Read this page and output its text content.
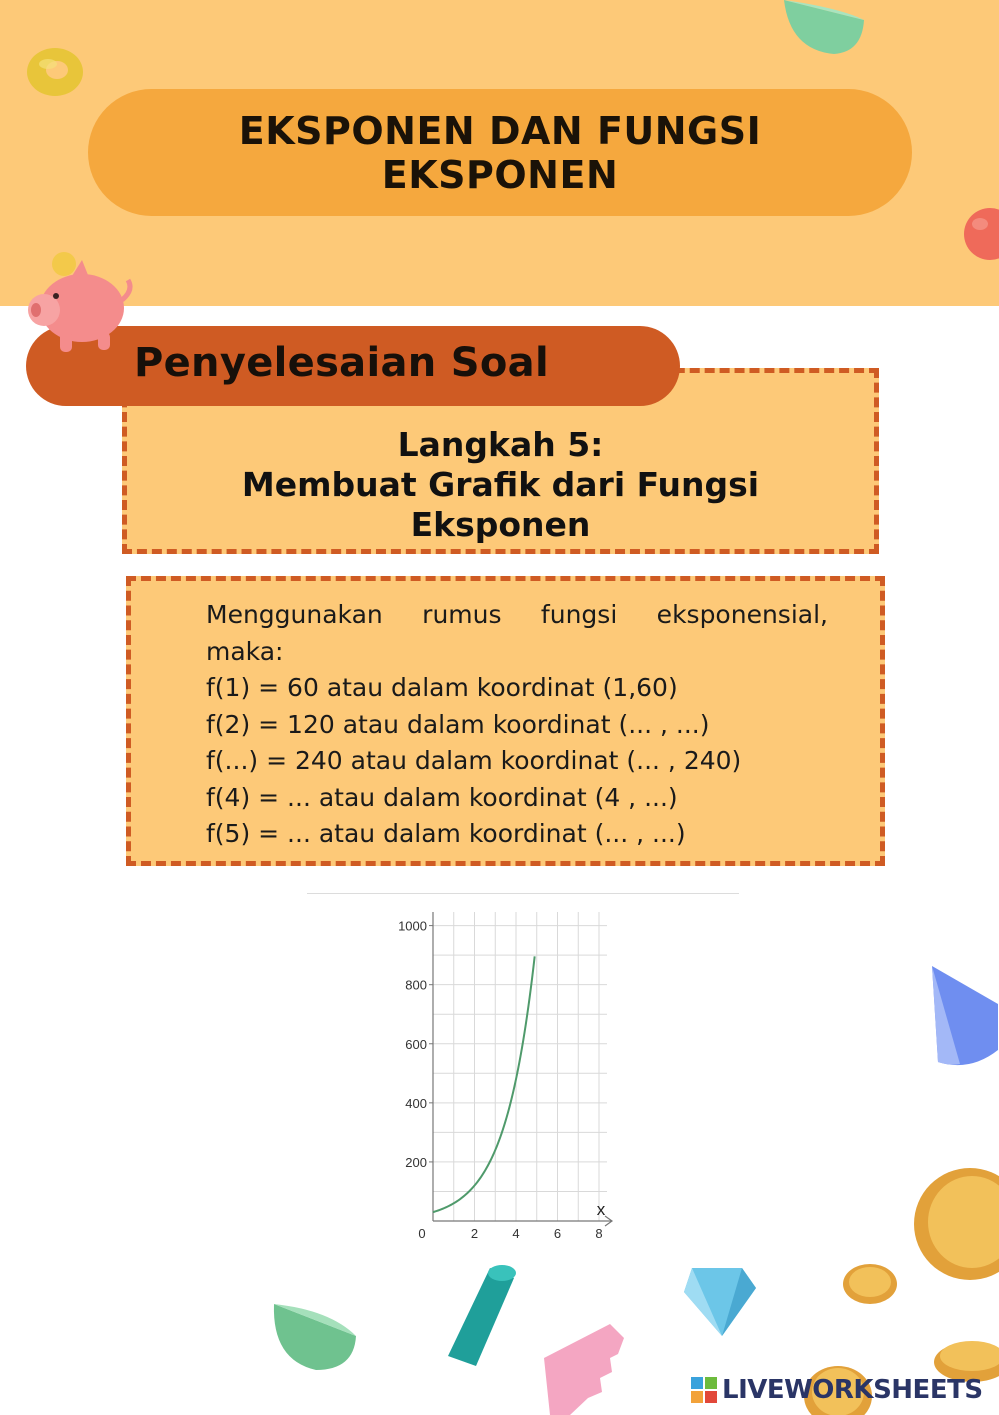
EKSPONEN DAN FUNGSI EKSPONEN
Penyelesaian Soal
Langkah 5:
Membuat Grafik dari Fungsi
Eksponen
Menggunakan rumus fungsi eksponensial,
maka:
f(1) = 60 atau dalam koordinat (1,60)
f(2) = 120 atau dalam koordinat (... , ...)
f(...) = 240 atau dalam koordinat (... , 240)
f(4) = ... atau dalam koordinat (4 , ...)
f(5) = ... atau dalam koordinat (... , ...)
200
400
600
800
1000
0	2	4	6	8
x
LIVEWORKSHEETS
